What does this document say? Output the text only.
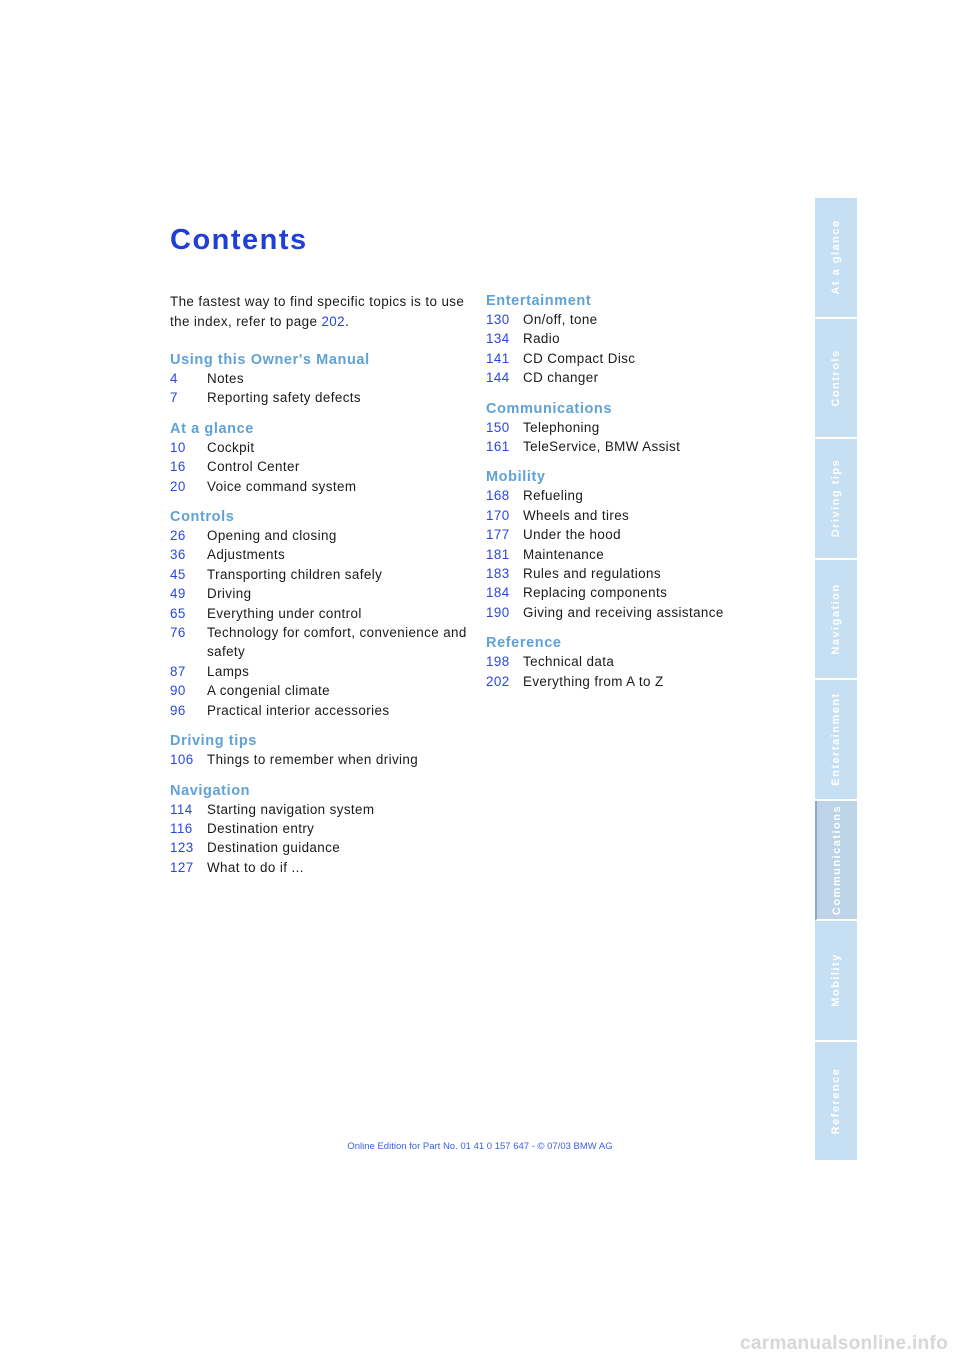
Contents

The fastest way to find specific topics is to use the index, refer to page 202.

Using this Owner's Manual
4	Notes
7	Reporting safety defects
At a glance
10	Cockpit
16	Control Center
20	Voice command system
Controls
26	Opening and closing
36	Adjustments
45	Transporting children safely
49	Driving
65	Everything under control
76	Technology for comfort, convenience and safety
87	Lamps
90	A congenial climate
96	Practical interior accessories
Driving tips
106	Things to remember when driving
Navigation
114	Starting navigation system
116	Destination entry
123	Destination guidance
127	What to do if ...
Entertainment
130	On/off, tone
134	Radio
141	CD Compact Disc
144	CD changer
Communications
150	Telephoning
161	TeleService, BMW Assist
Mobility
168	Refueling
170	Wheels and tires
177	Under the hood
181	Maintenance
183	Rules and regulations
184	Replacing components
190	Giving and receiving assistance
Reference
198	Technical data
202	Everything from A to Z
At a glance
Controls
Driving tips
Navigation
Entertainment
Communications
Mobility
Reference
Online Edition for Part No. 01 41 0 157 647 - © 07/03 BMW AG
carmanualsonline.info
